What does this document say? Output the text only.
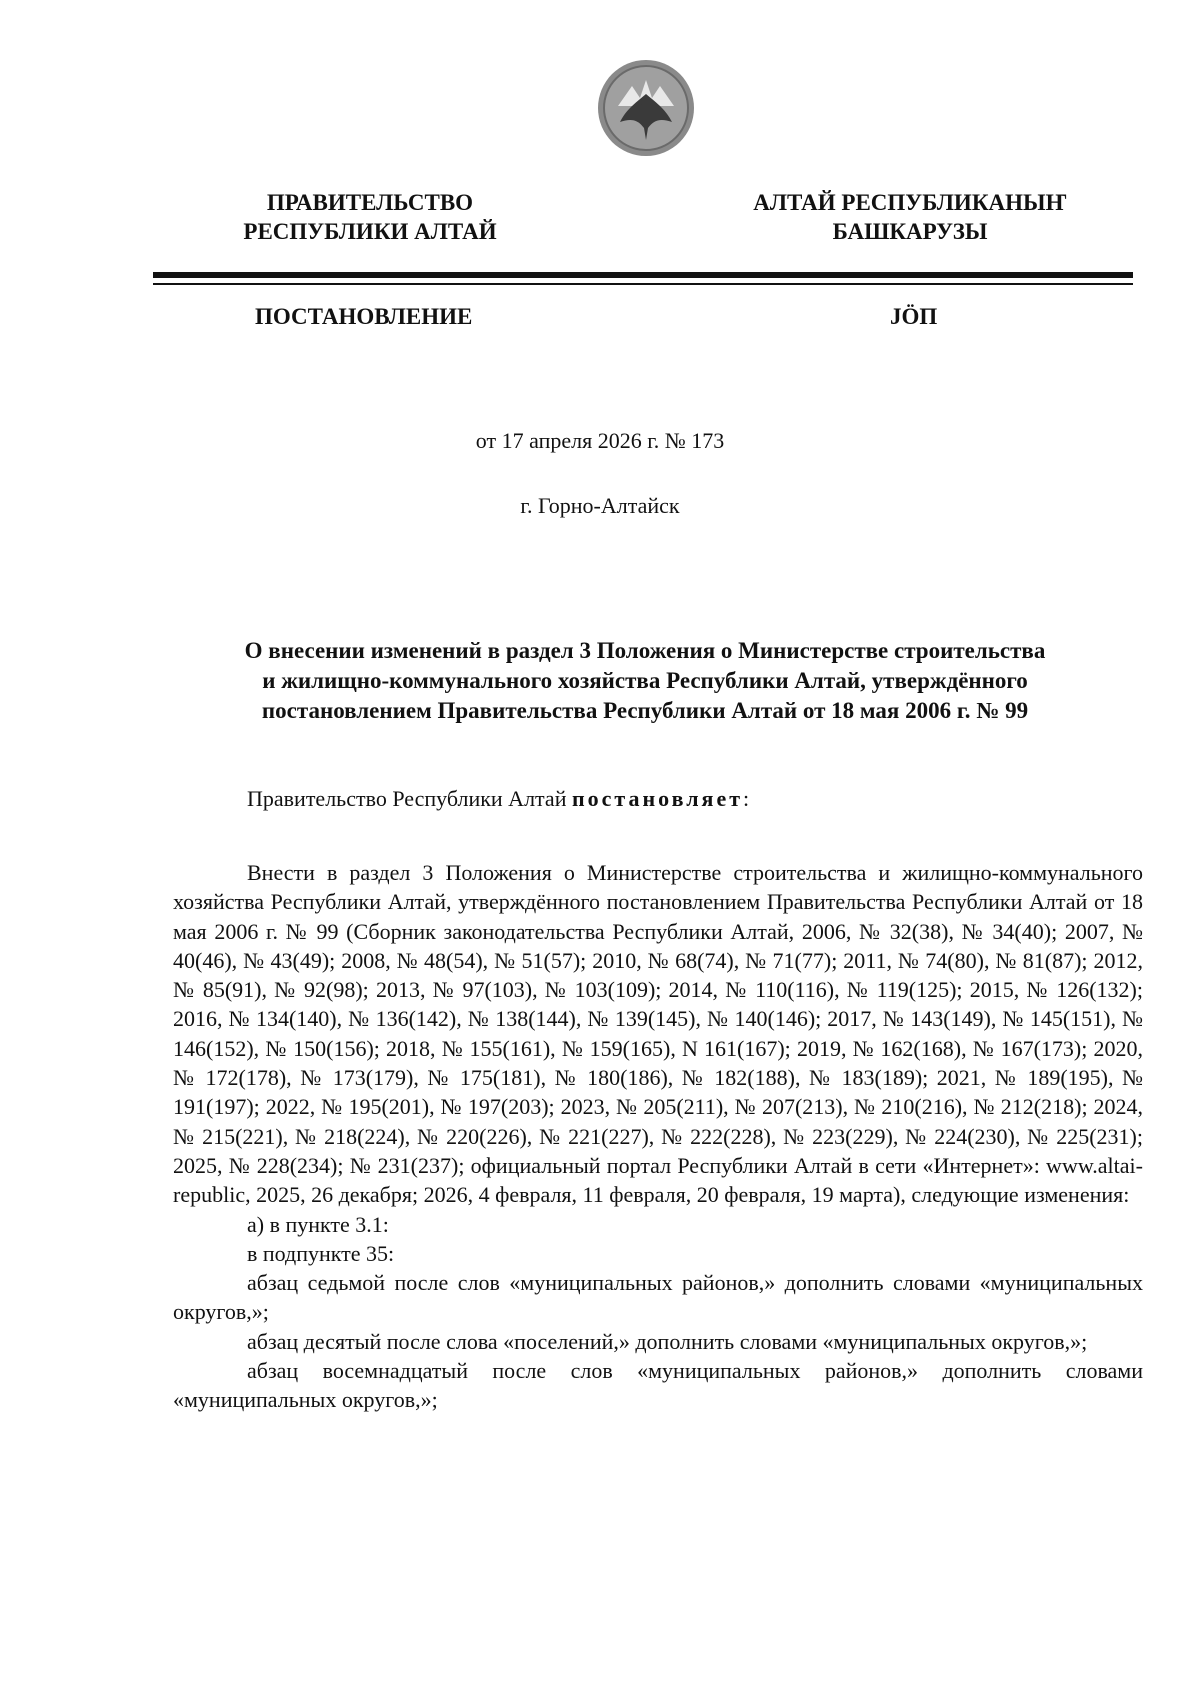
ПРАВИТЕЛЬСТВО
РЕСПУБЛИКИ АЛТАЙ
АЛТАЙ РЕСПУБЛИКАНЫҤ
БАШКАРУЗЫ
ПОСТАНОВЛЕНИЕ	JӦП
от 17 апреля 2026 г. № 173
г. Горно-Алтайск
О внесении изменений в раздел 3 Положения о Министерстве строительства
и жилищно-коммунального хозяйства Республики Алтай, утверждённого
постановлением Правительства Республики Алтай от 18 мая 2006 г. № 99
Правительство Республики Алтай постановляет:

Внести в раздел 3 Положения о Министерстве строительства и жилищно-коммунального хозяйства Республики Алтай, утверждённого постановлением Правительства Республики Алтай от 18 мая 2006 г. № 99 (Сборник законодательства Республики Алтай, 2006, № 32(38), № 34(40); 2007, № 40(46), № 43(49); 2008, № 48(54), № 51(57); 2010, № 68(74), № 71(77); 2011, № 74(80), № 81(87); 2012, № 85(91), № 92(98); 2013, № 97(103), № 103(109); 2014, № 110(116), № 119(125); 2015, № 126(132); 2016, № 134(140), № 136(142), № 138(144), № 139(145), № 140(146); 2017, № 143(149), № 145(151), № 146(152), № 150(156); 2018, № 155(161), № 159(165), N 161(167); 2019, № 162(168), № 167(173); 2020, № 172(178), № 173(179), № 175(181), № 180(186), № 182(188), № 183(189); 2021, № 189(195), № 191(197); 2022, № 195(201), № 197(203); 2023, № 205(211), № 207(213), № 210(216), № 212(218); 2024, № 215(221), № 218(224), № 220(226), № 221(227), № 222(228), № 223(229), № 224(230), № 225(231); 2025, № 228(234); № 231(237); официальный портал Республики Алтай в сети «Интернет»: www.altai-republic, 2025, 26 декабря; 2026, 4 февраля, 11 февраля, 20 февраля, 19 марта), следующие изменения:

а) в пункте 3.1:

в подпункте 35:

абзац седьмой после слов «муниципальных районов,» дополнить словами «муниципальных округов,»;

абзац десятый после слова «поселений,» дополнить словами «муниципальных округов,»;

абзац восемнадцатый после слов «муниципальных районов,» дополнить словами «муниципальных округов,»;
